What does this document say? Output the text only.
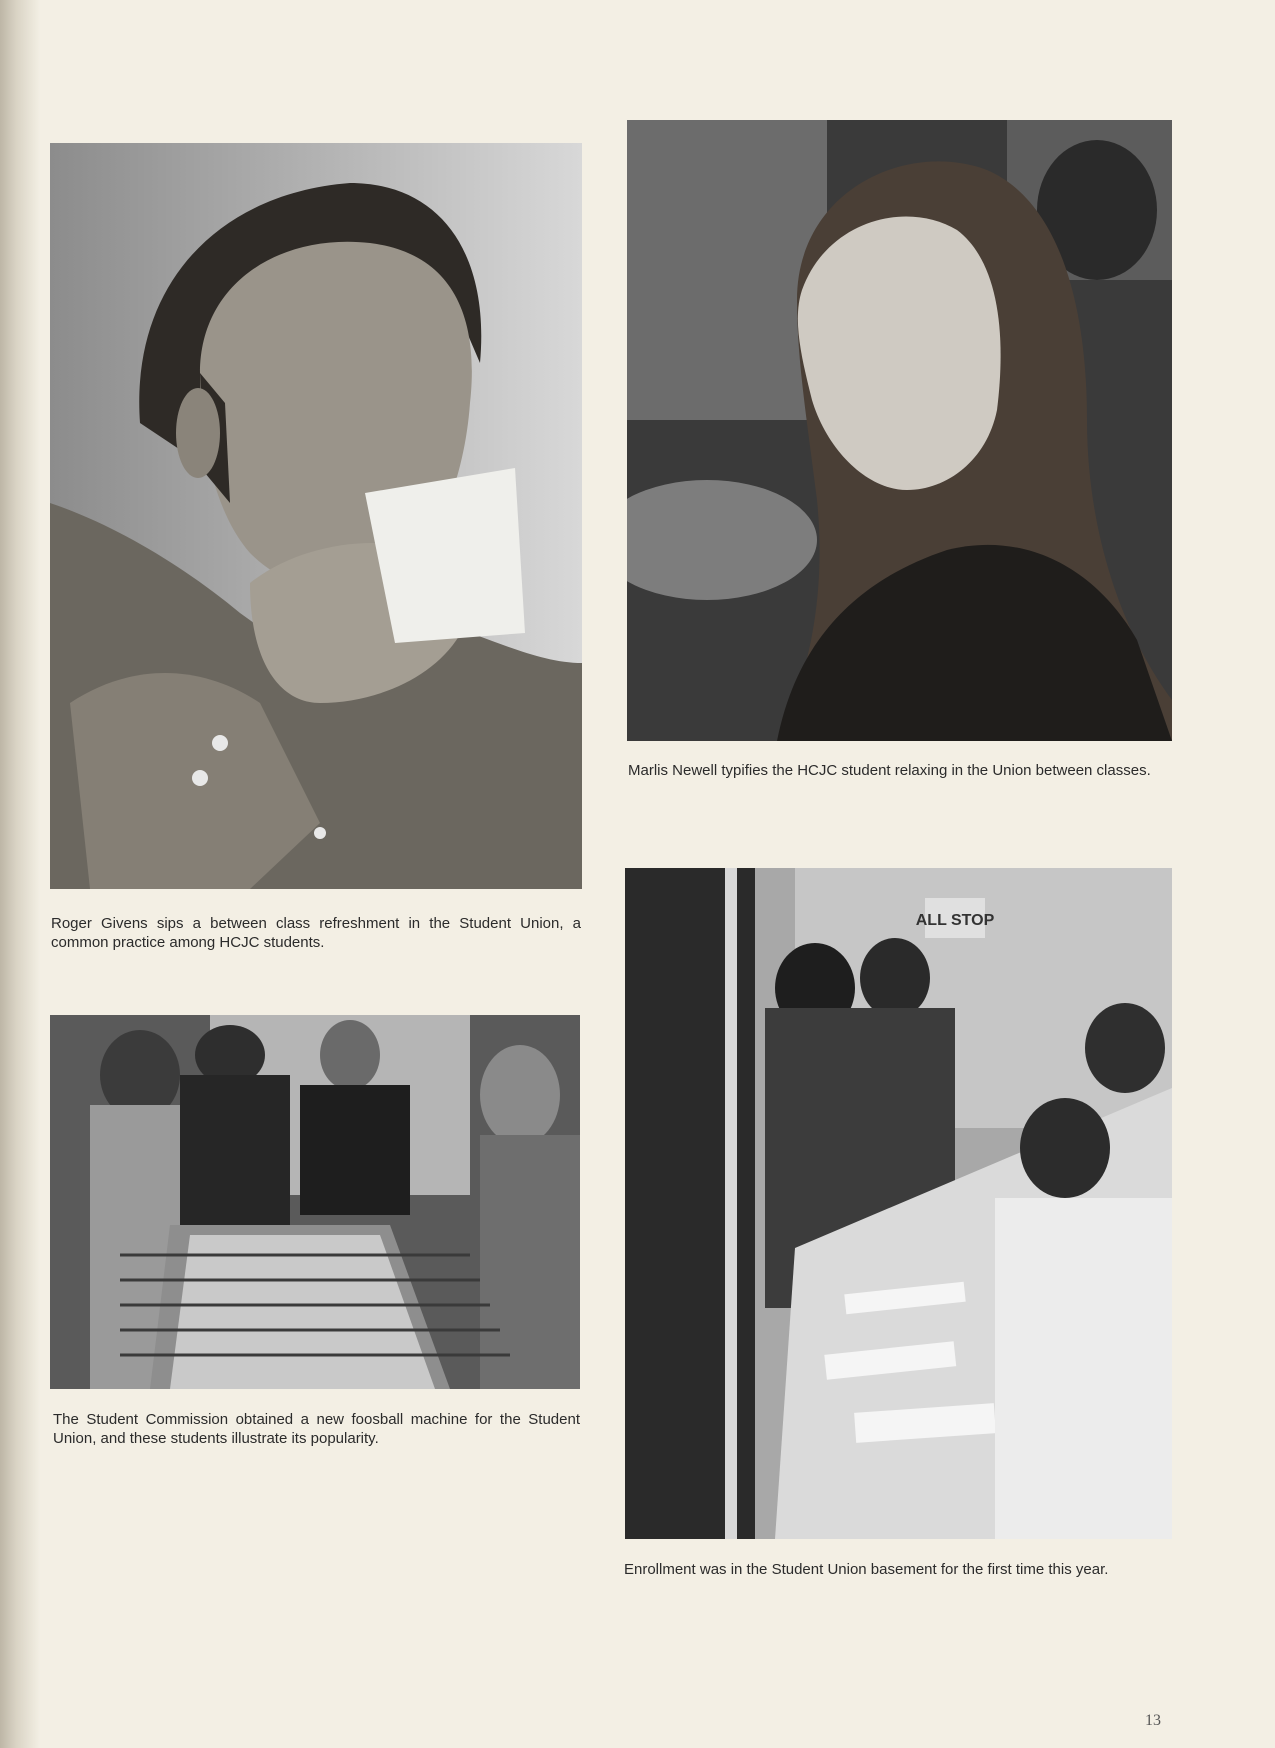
Roger Givens sips a between class refreshment in the Student Union, a common practice among HCJC students.

Marlis Newell typifies the HCJC student relaxing in the Union between classes.

The Student Commission obtained a new foosball machine for the Student Union, and these students illustrate its popularity.

ALL STOP

Enrollment was in the Student Union basement for the first time this year.

13
